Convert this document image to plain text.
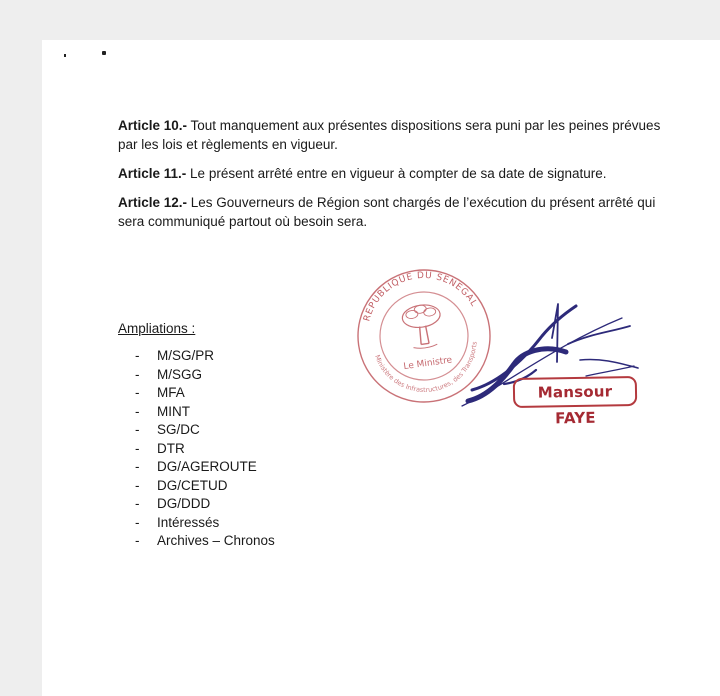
Article 10.- Tout manquement aux présentes dispositions sera puni par les peines prévues par les lois et règlements en vigueur.

Article 11.- Le présent arrêté entre en vigueur à compter de sa date de signature.

Article 12.- Les Gouverneurs de Région sont chargés de l’exécution du présent arrêté qui sera communiqué partout où besoin sera.

REPUBLIQUE DU SENEGAL
Ministère des Infrastructures, des Transports
Le Ministre
Mansour FAYE
Ampliations :
-	M/SG/PR
-	M/SGG
-	MFA
-	MINT
-	SG/DC
-	DTR
-	DG/AGEROUTE
-	DG/CETUD
-	DG/DDD
-	Intéressés
-	Archives – Chronos
